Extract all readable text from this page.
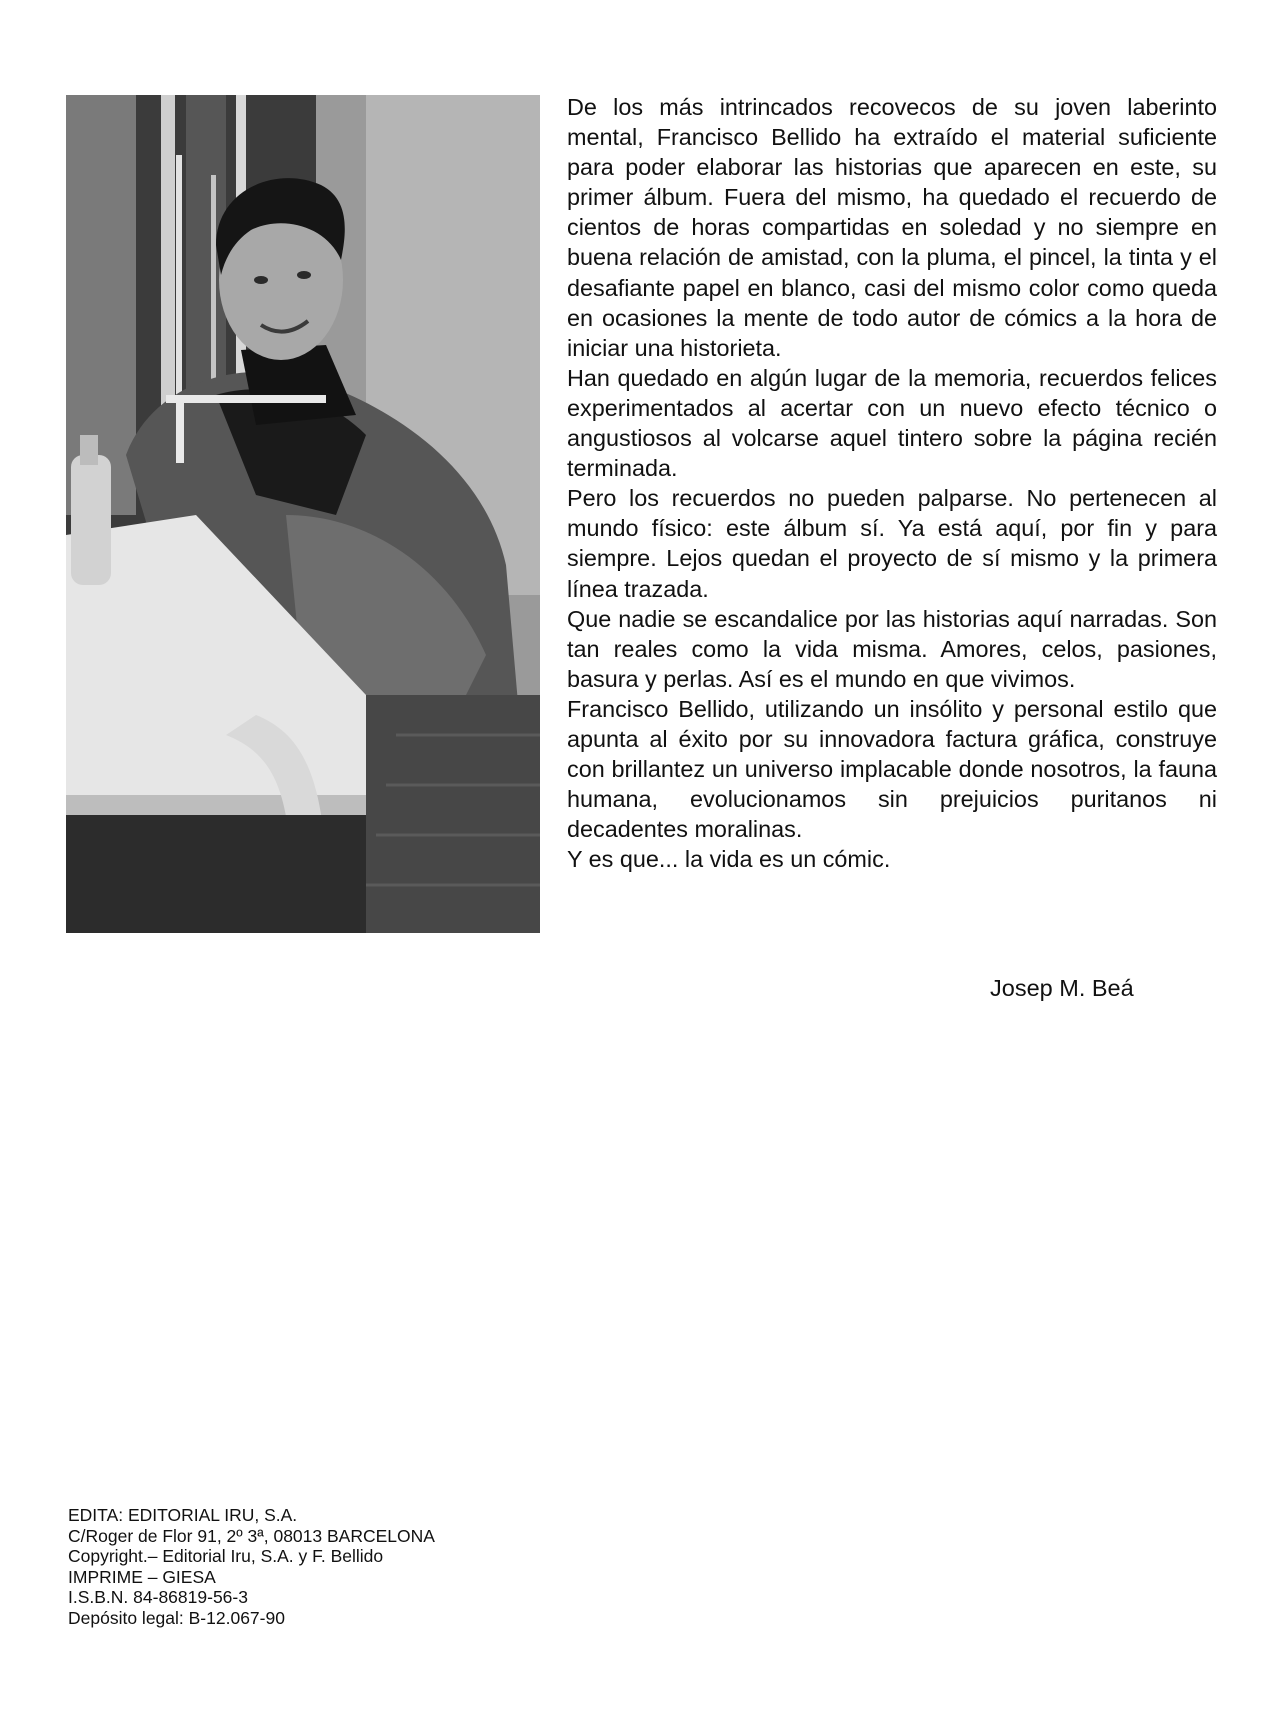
De los más intrincados recovecos de su joven laberinto mental, Francisco Bellido ha extraído el material suficiente para poder elaborar las historias que aparecen en este, su primer álbum. Fuera del mismo, ha quedado el recuerdo de cientos de horas compartidas en soledad y no siempre en buena relación de amistad, con la pluma, el pincel, la tinta y el desafiante papel en blanco, casi del mismo color como queda en ocasiones la mente de todo autor de cómics a la hora de iniciar una historieta.

Han quedado en algún lugar de la memoria, recuerdos felices experimentados al acertar con un nuevo efecto técnico o angustiosos al volcarse aquel tintero sobre la página recién terminada.

Pero los recuerdos no pueden palparse. No pertenecen al mundo físico: este álbum sí. Ya está aquí, por fin y para siempre. Lejos quedan el proyecto de sí mismo y la primera línea trazada.

Que nadie se escandalice por las historias aquí narradas. Son tan reales como la vida misma. Amores, celos, pasiones, basura y perlas. Así es el mundo en que vivimos.

Francisco Bellido, utilizando un insólito y personal estilo que apunta al éxito por su innovadora factura gráfica, construye con brillantez un universo implacable donde nosotros, la fauna humana, evolucionamos sin prejuicios puritanos ni decadentes moralinas.

Y es que... la vida es un cómic.

Josep M. Beá

EDITA: EDITORIAL IRU, S.A.
C/Roger de Flor 91, 2º 3ª, 08013 BARCELONA
Copyright.– Editorial Iru, S.A. y F. Bellido
IMPRIME – GIESA
I.S.B.N. 84-86819-56-3
Depósito legal: B-12.067-90
